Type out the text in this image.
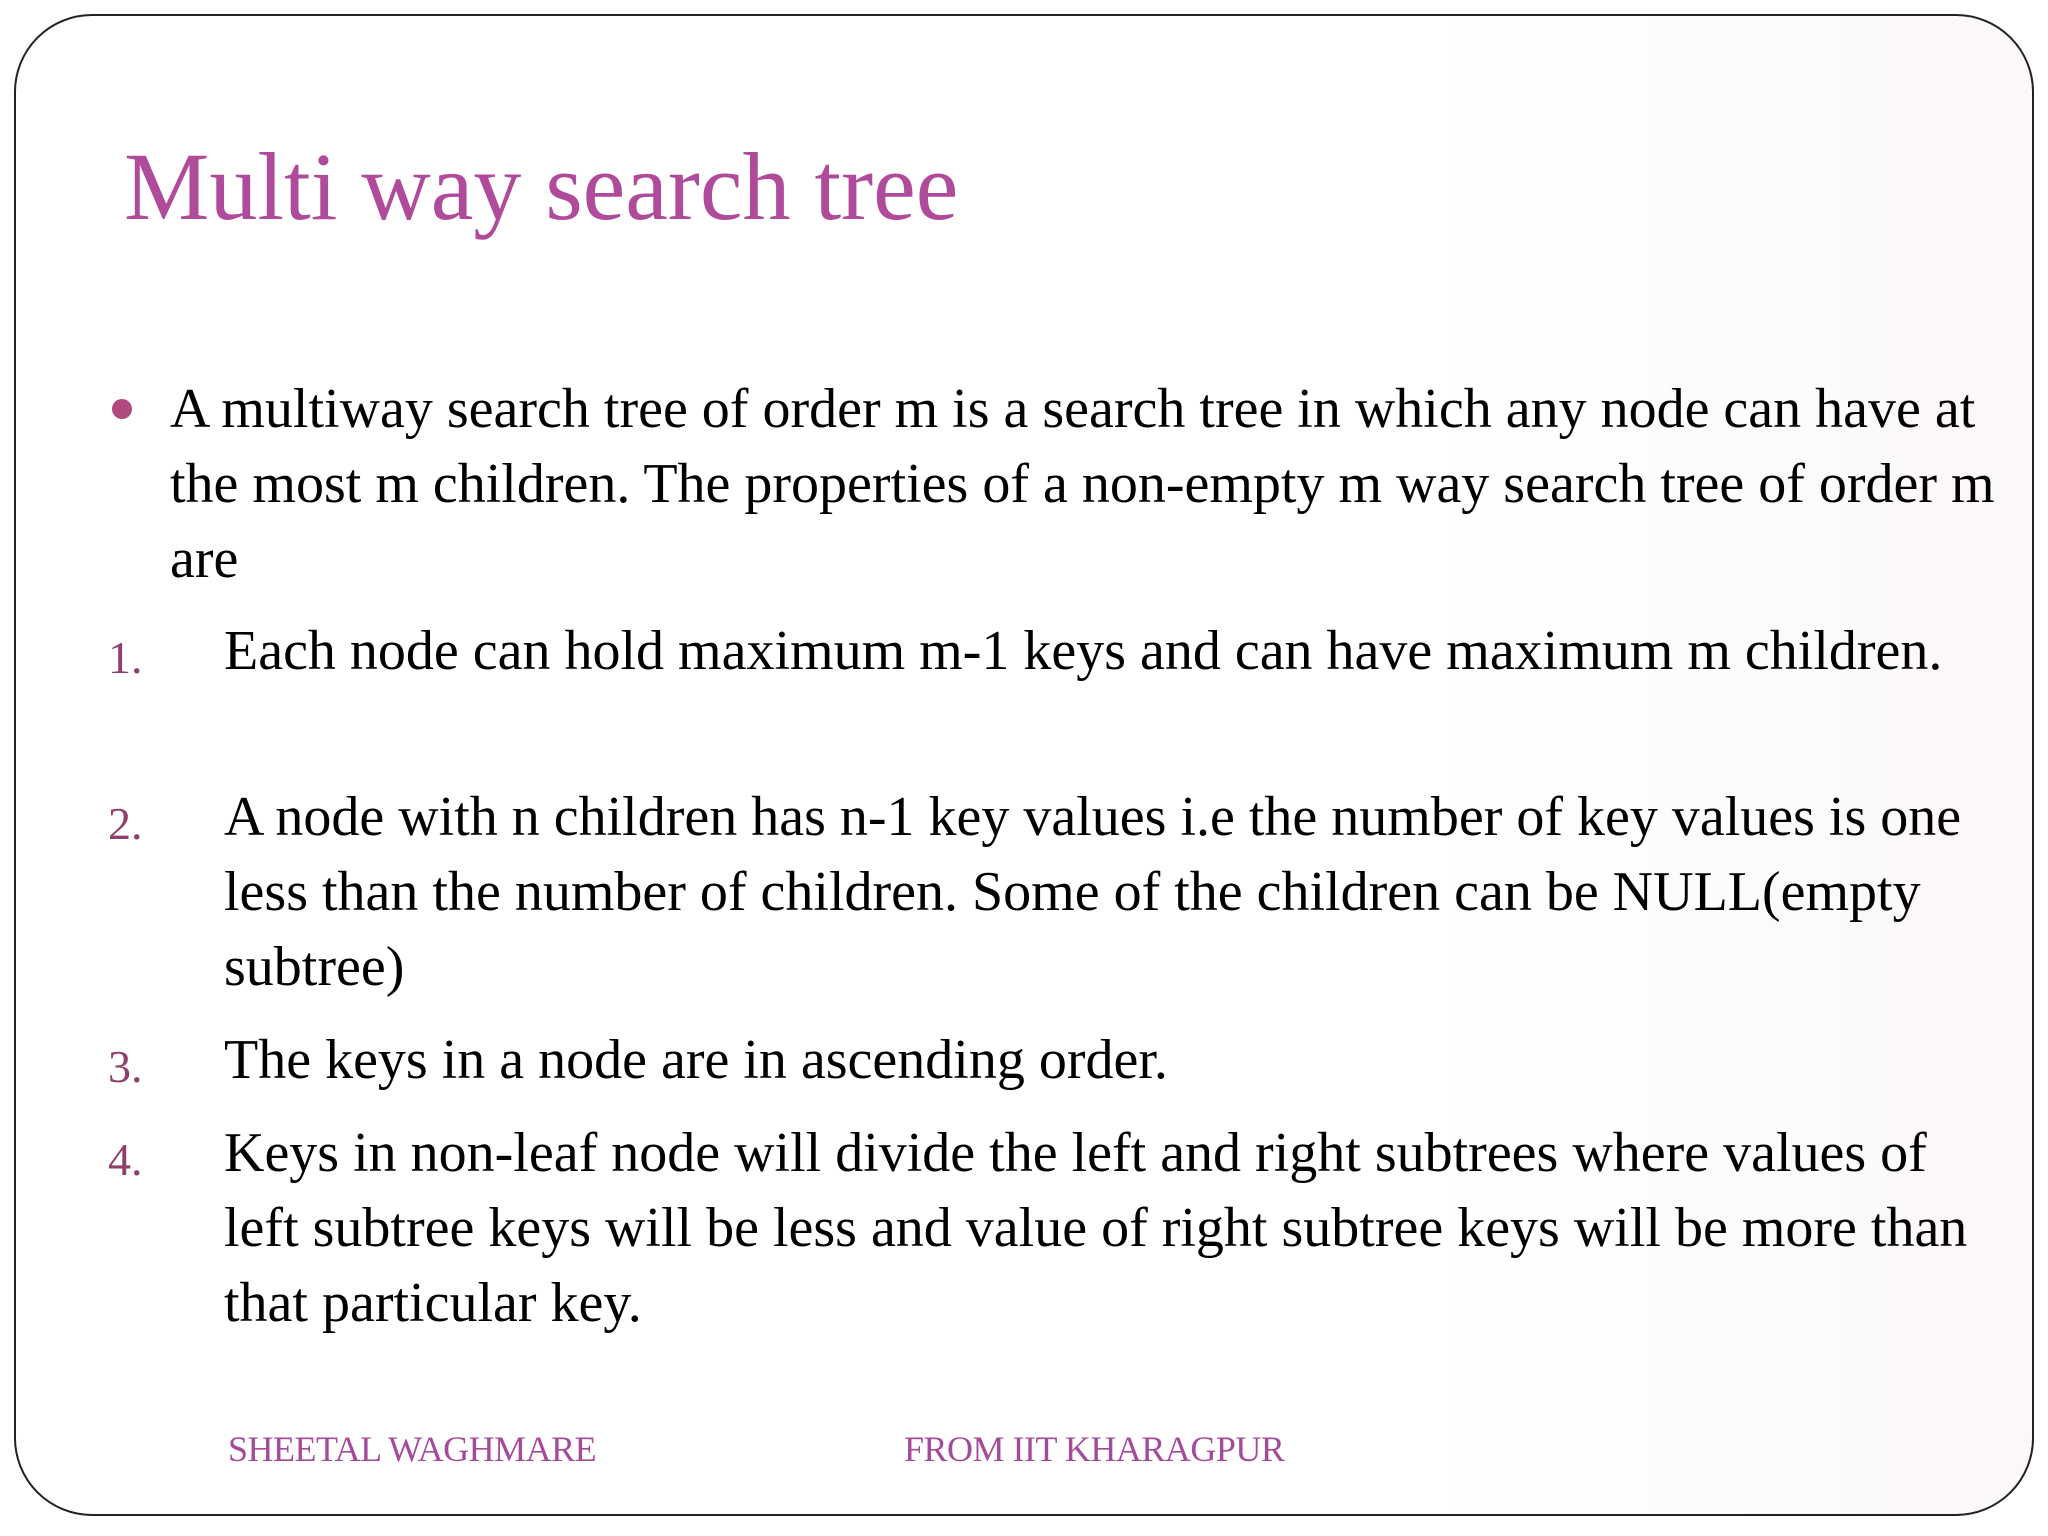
Multi way search tree
A multiway search tree of order m is a search tree in which any node can have at the most m children. The properties of a non-empty m way search tree of order m are
1. Each node can hold maximum m-1 keys and can have maximum m children.
2. A node with n children has n-1 key values i.e the number of key values is one less than the number of children. Some of the children can be NULL(empty subtree)
3. The keys in a node are in ascending order.
4. Keys in non-leaf node will divide the left and right subtrees where values of left subtree keys will be less and value of right subtree keys will be more than that particular key.
SHEETAL WAGHMARE	FROM IIT KHARAGPUR
